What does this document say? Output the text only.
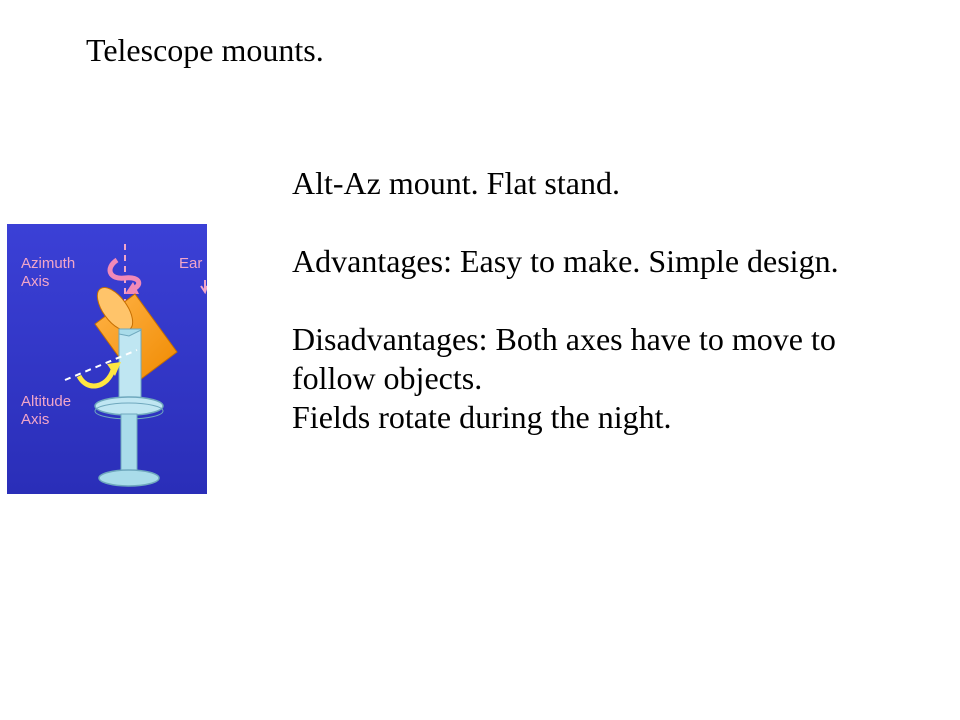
Telescope mounts.
Azimuth
Axis
Ear
Altitude
Axis

Alt-Az mount. Flat stand.

Advantages: Easy to make. Simple design.

Disadvantages: Both axes have to move to follow objects.

Fields rotate during the night.
